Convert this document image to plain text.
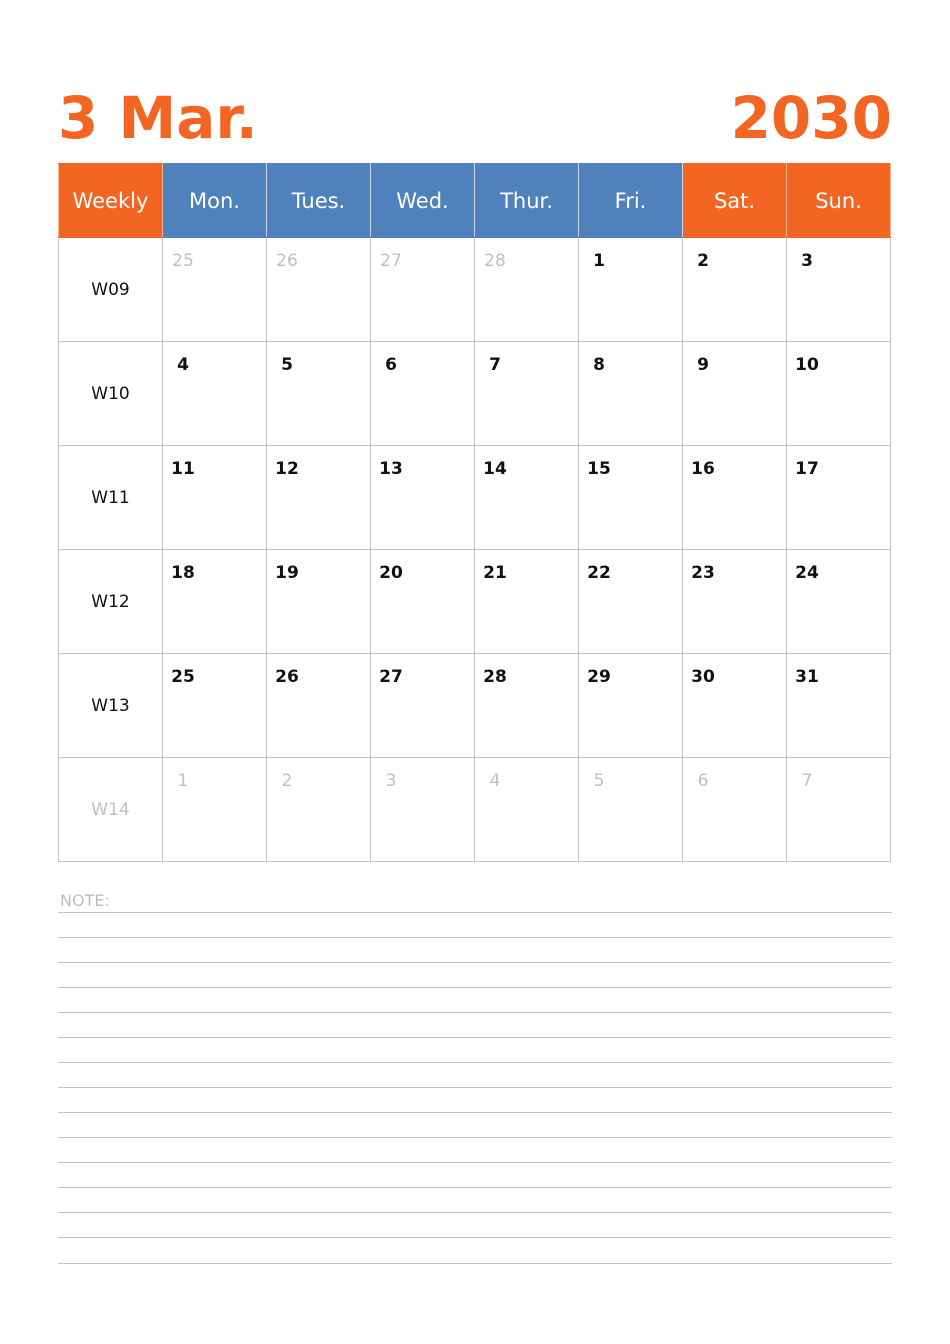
3 Mar.	2030
Weekly	Mon.	Tues.	Wed.	Thur.	Fri.	Sat.	Sun.
W09	25	26	27	28	1	2	3

W10	4	5	6	7	8	9	10

W11	11	12	13	14	15	16	17

W12	18	19	20	21	22	23	24

W13	25	26	27	28	29	30	31

W14	1	2	3	4	5	6	7
NOTE:
